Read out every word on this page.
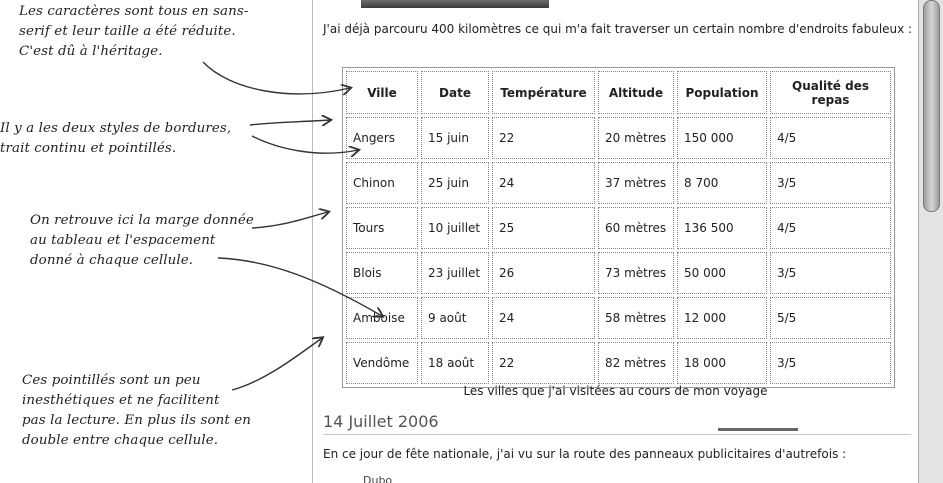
Les caractères sont tous en sans-
serif et leur taille a été réduite.
C'est dû à l'héritage.
Il y a les deux styles de bordures,
trait continu et pointillés.
On retrouve ici la marge donnée
au tableau et l'espacement
donné à chaque cellule.
Ces pointillés sont un peu
inesthétiques et ne facilitent
pas la lecture. En plus ils sont en
double entre chaque cellule.
J'ai déjà parcouru 400 kilomètres ce qui m'a fait traverser un certain nombre d'endroits fabuleux :
Ville	Date	Température	Altitude	Population	Qualité des repas
Angers	15 juin	22	20 mètres	150 000	4/5
Chinon	25 juin	24	37 mètres	8 700	3/5
Tours	10 juillet	25	60 mètres	136 500	4/5
Blois	23 juillet	26	73 mètres	50 000	3/5
Amboise	9 août	24	58 mètres	12 000	5/5
Vendôme	18 août	22	82 mètres	18 000	3/5
Les villes que j'ai visitées au cours de mon voyage
14 Juillet 2006
En ce jour de fête nationale, j'ai vu sur la route des panneaux publicitaires d'autrefois :
Dubo
